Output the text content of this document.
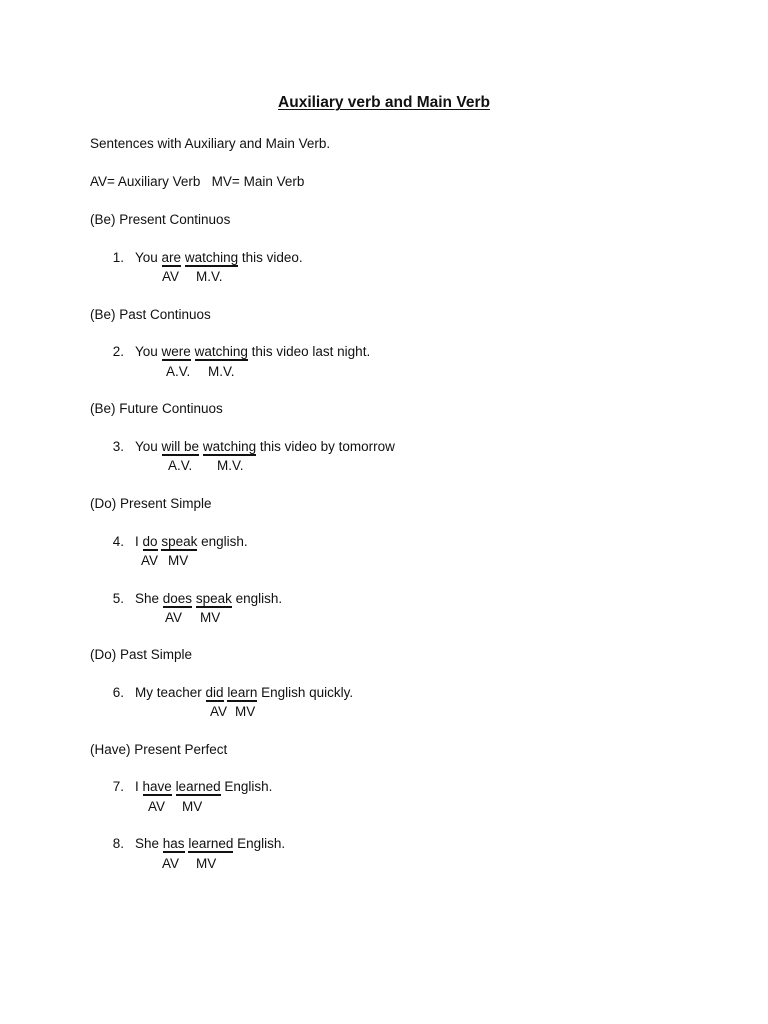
Auxiliary verb and Main Verb
Sentences with Auxiliary and Main Verb.
AV= Auxiliary Verb   MV= Main Verb
(Be) Present Continuos
1. You are watching this video.
AV M.V.
(Be) Past Continuos
2. You were watching this video last night.
A.V. M.V.
(Be) Future Continuos
3. You will be watching this video by tomorrow
A.V. M.V.
(Do) Present Simple
4. I do speak english.
AV MV
5. She does speak english.
AV MV
(Do) Past Simple
6. My teacher did learn English quickly.
AV MV
(Have) Present Perfect
7. I have learned English.
AV MV
8. She has learned English.
AV MV
